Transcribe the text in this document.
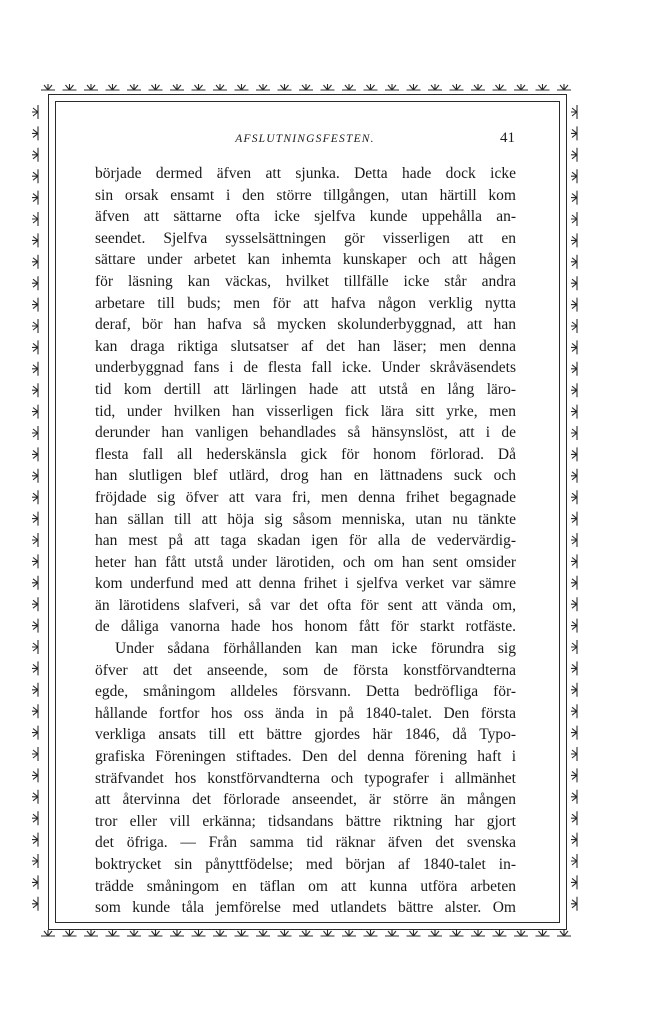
AFSLUTNINGSFESTEN.	41
började dermed äfven att sjunka. Detta hade dock icke
sin orsak ensamt i den större tillgången, utan härtill kom
äfven att sättarne ofta icke sjelfva kunde uppehålla an-
seendet. Sjelfva sysselsättningen gör visserligen att en
sättare under arbetet kan inhemta kunskaper och att hågen
för läsning kan väckas, hvilket tillfälle icke står andra
arbetare till buds; men för att hafva någon verklig nytta
deraf, bör han hafva så mycken skolunderbyggnad, att han
kan draga riktiga slutsatser af det han läser; men denna
underbyggnad fans i de flesta fall icke. Under skråväsendets
tid kom dertill att lärlingen hade att utstå en lång läro-
tid, under hvilken han visserligen fick lära sitt yrke, men
derunder han vanligen behandlades så hänsynslöst, att i de
flesta fall all hederskänsla gick för honom förlorad. Då
han slutligen blef utlärd, drog han en lättnadens suck och
fröjdade sig öfver att vara fri, men denna frihet begagnade
han sällan till att höja sig såsom menniska, utan nu tänkte
han mest på att taga skadan igen för alla de vedervärdig-
heter han fått utstå under lärotiden, och om han sent omsider
kom underfund med att denna frihet i sjelfva verket var sämre
än lärotidens slafveri, så var det ofta för sent att vända om,
de dåliga vanorna hade hos honom fått för starkt rotfäste.
Under sådana förhållanden kan man icke förundra sig
öfver att det anseende, som de första konstförvandterna
egde, småningom alldeles försvann. Detta bedröfliga för-
hållande fortfor hos oss ända in på 1840-talet. Den första
verkliga ansats till ett bättre gjordes här 1846, då Typo-
grafiska Föreningen stiftades. Den del denna förening haft i
sträfvandet hos konstförvandterna och typografer i allmänhet
att återvinna det förlorade anseendet, är större än mången
tror eller vill erkänna; tidsandans bättre riktning har gjort
det öfriga. — Från samma tid räknar äfven det svenska
boktrycket sin pånyttfödelse; med början af 1840-talet in-
trädde småningom en täflan om att kunna utföra arbeten
som kunde tåla jemförelse med utlandets bättre alster. Om
